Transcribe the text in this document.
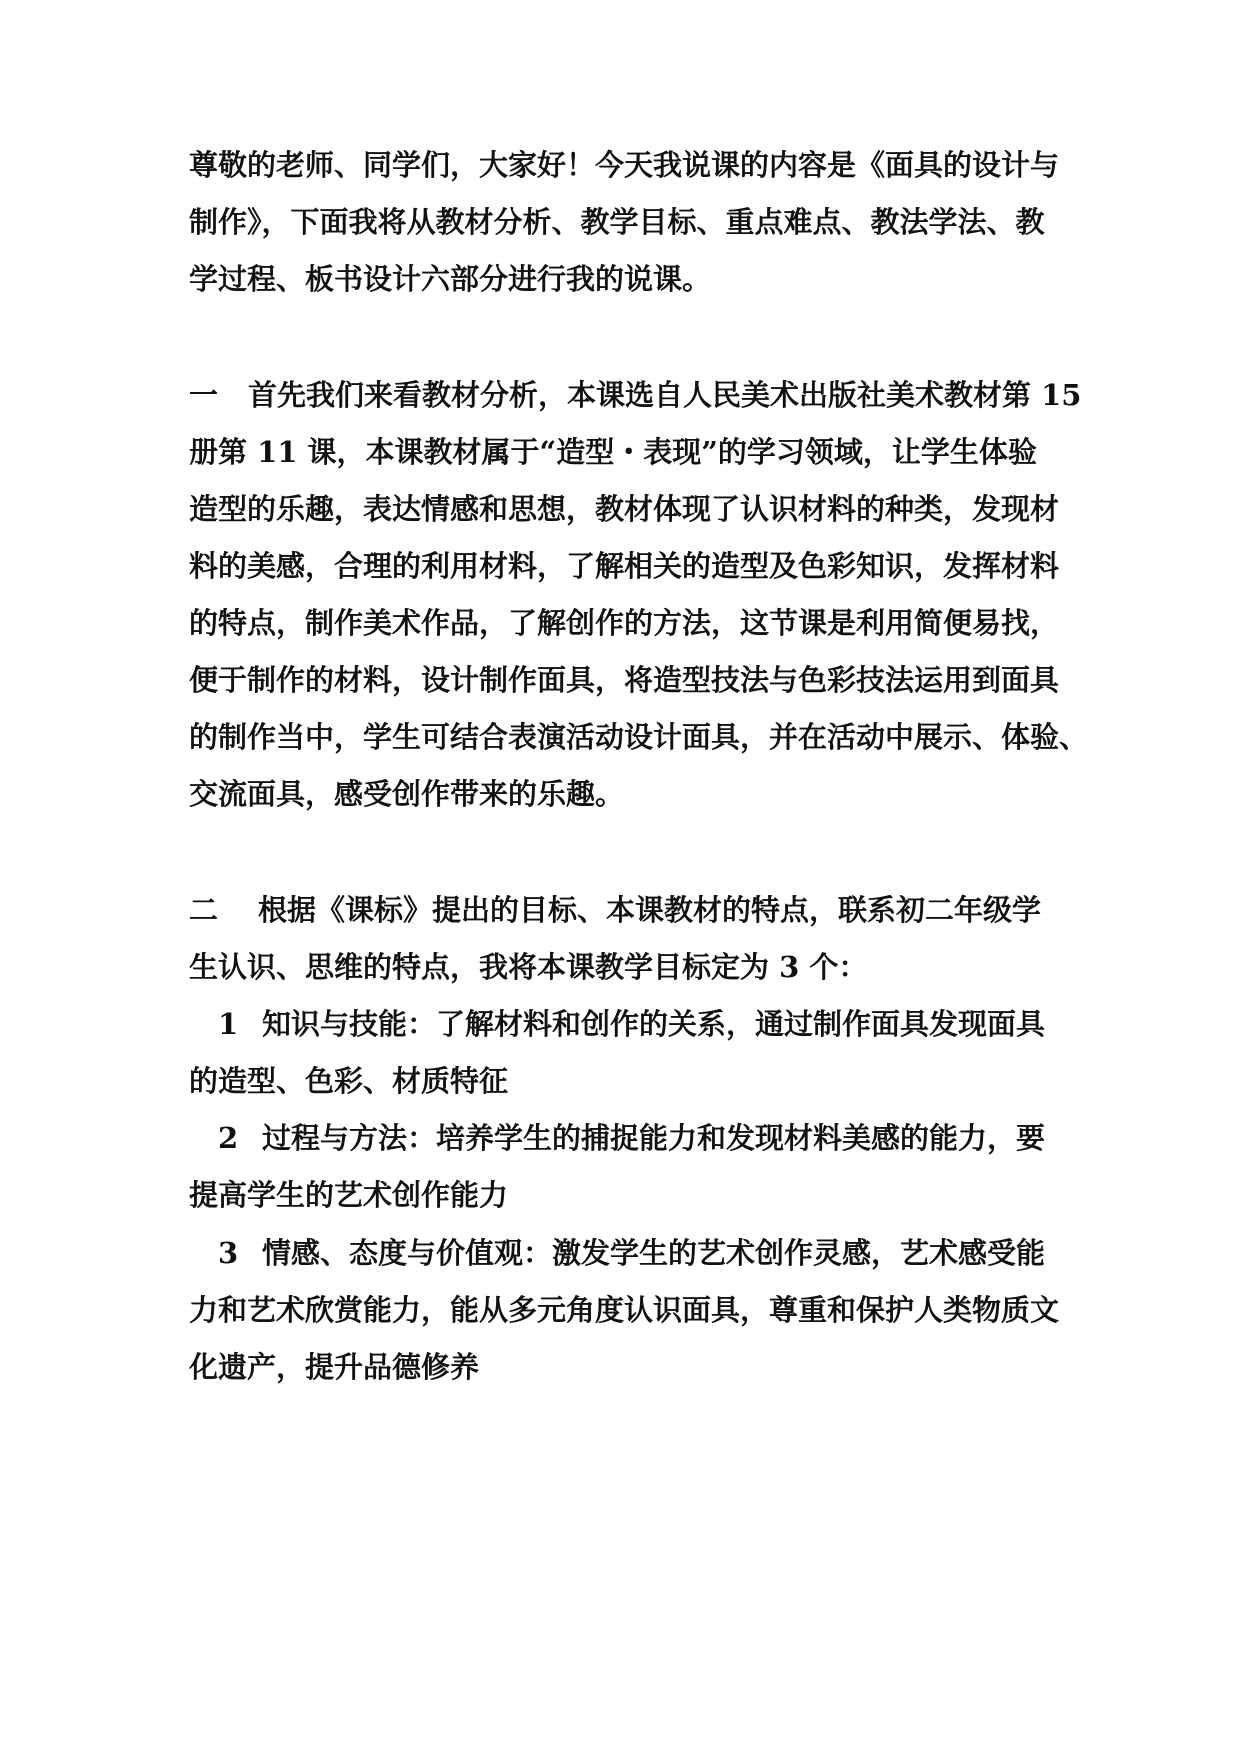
尊敬的老师、同学们，大家好！今天我说课的内容是《面具的设计与
制作》，下面我将从教材分析、教学目标、重点难点、教法学法、教
学过程、板书设计六部分进行我的说课。
一 首先我们来看教材分析，本课选自人民美术出版社美术教材第 15
册第 11 课，本课教材属于“造型・表现”的学习领域，让学生体验
造型的乐趣，表达情感和思想，教材体现了认识材料的种类，发现材
料的美感，合理的利用材料，了解相关的造型及色彩知识，发挥材料
的特点，制作美术作品，了解创作的方法，这节课是利用简便易找，
便于制作的材料，设计制作面具，将造型技法与色彩技法运用到面具
的制作当中，学生可结合表演活动设计面具，并在活动中展示、体验、
交流面具，感受创作带来的乐趣。
二 根据《课标》提出的目标、本课教材的特点，联系初二年级学
生认识、思维的特点，我将本课教学目标定为 3 个：
1 知识与技能：了解材料和创作的关系，通过制作面具发现面具
的造型、色彩、材质特征
2 过程与方法：培养学生的捕捉能力和发现材料美感的能力，要
提高学生的艺术创作能力
3 情感、态度与价值观：激发学生的艺术创作灵感，艺术感受能
力和艺术欣赏能力，能从多元角度认识面具，尊重和保护人类物质文
化遗产，提升品德修养
